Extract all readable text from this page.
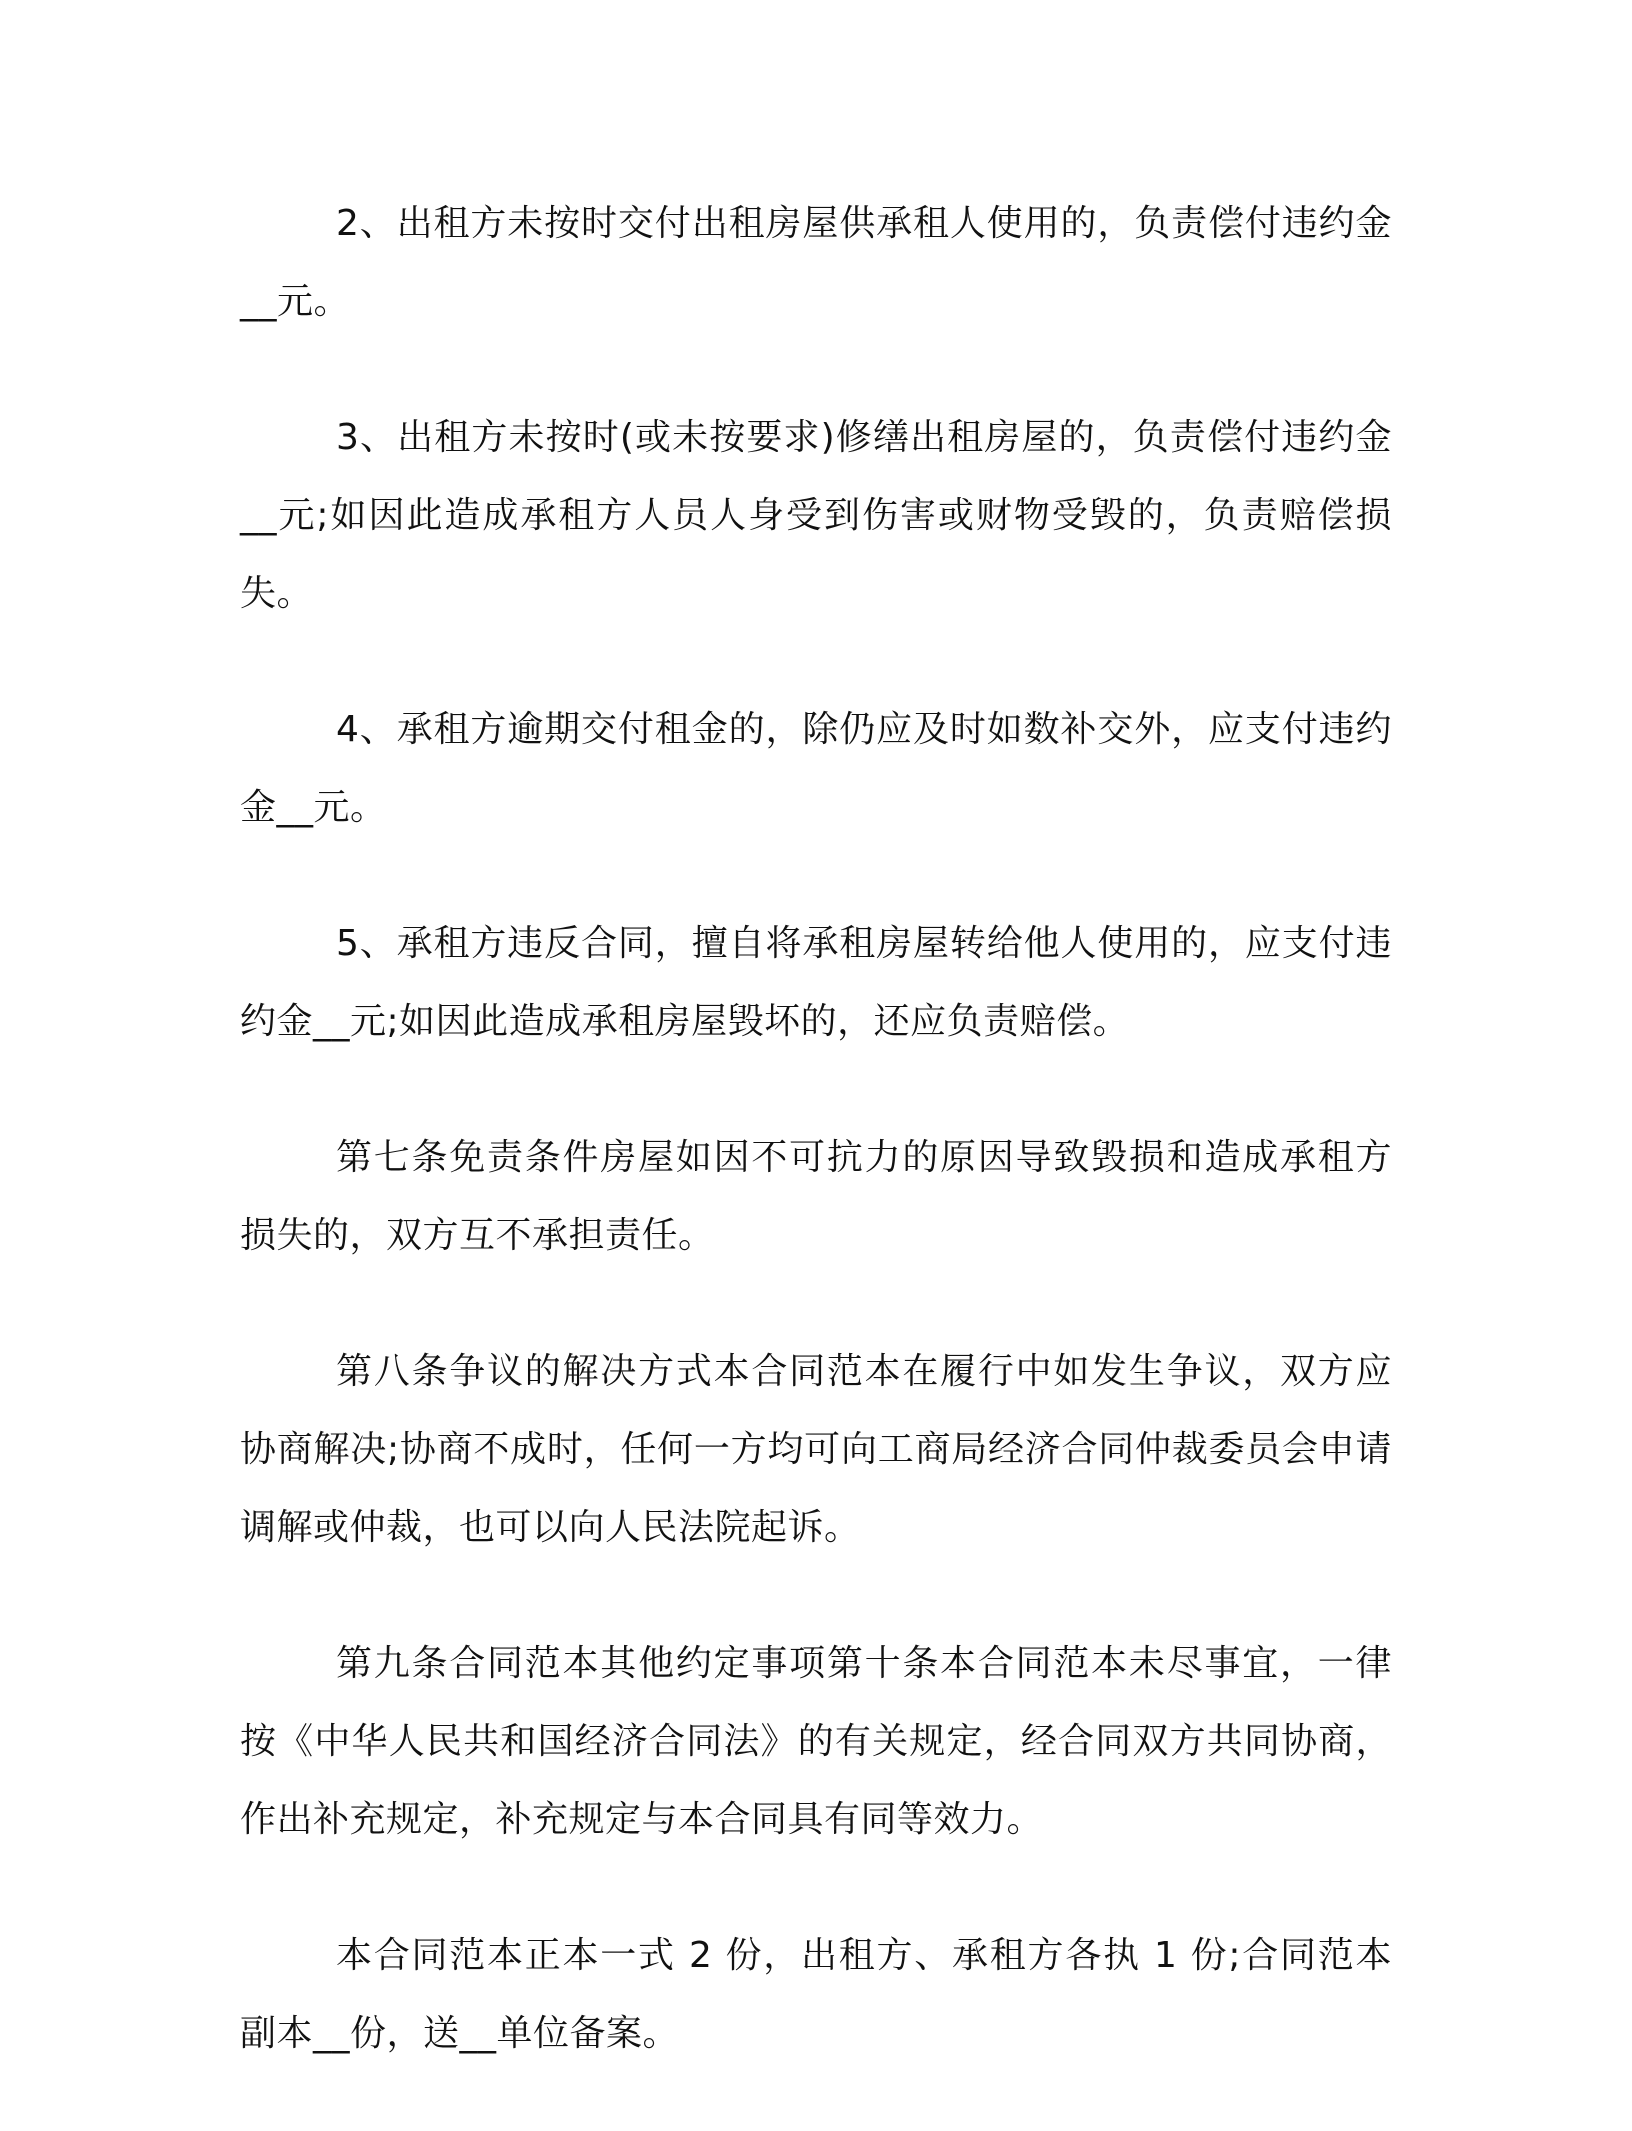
2、出租方未按时交付出租房屋供承租人使用的，负责偿付违约金__元。

3、出租方未按时(或未按要求)修缮出租房屋的，负责偿付违约金__元;如因此造成承租方人员人身受到伤害或财物受毁的，负责赔偿损失。

4、承租方逾期交付租金的，除仍应及时如数补交外，应支付违约金__元。

5、承租方违反合同，擅自将承租房屋转给他人使用的，应支付违约金__元;如因此造成承租房屋毁坏的，还应负责赔偿。

第七条免责条件房屋如因不可抗力的原因导致毁损和造成承租方损失的，双方互不承担责任。

第八条争议的解决方式本合同范本在履行中如发生争议，双方应协商解决;协商不成时，任何一方均可向工商局经济合同仲裁委员会申请调解或仲裁，也可以向人民法院起诉。

第九条合同范本其他约定事项第十条本合同范本未尽事宜，一律按《中华人民共和国经济合同法》的有关规定，经合同双方共同协商，作出补充规定，补充规定与本合同具有同等效力。

本合同范本正本一式 2 份，出租方、承租方各执 1 份;合同范本副本__份，送__单位备案。
